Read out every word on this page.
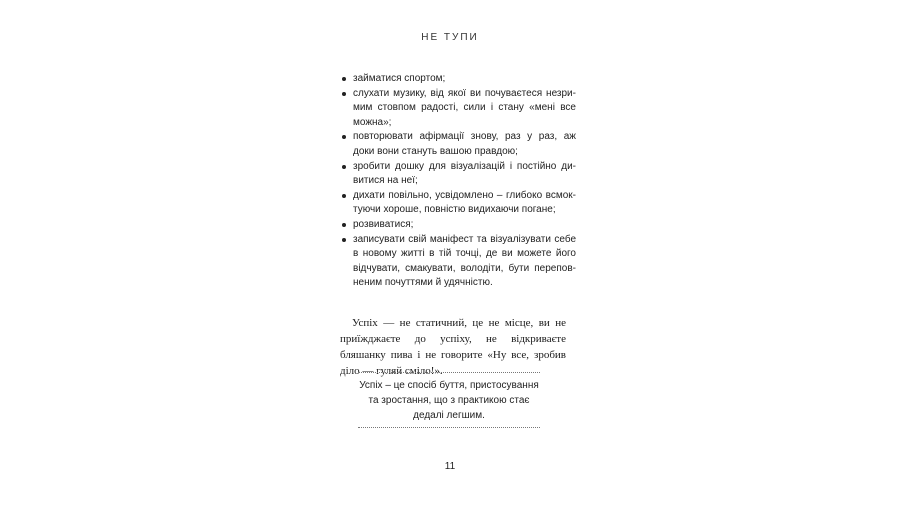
НЕ ТУПИ
займатися спортом;
слухати музику, від якої ви почуваєтеся незримим стовпом радості, сили і стану «мені все можна»;
повторювати афірмації знову, раз у раз, аж доки вони стануть вашою правдою;
зробити дошку для візуалізацій і постійно дивитися на неї;
дихати повільно, усвідомлено – глибоко всмоктуючи хороше, повністю видихаючи погане;
розвиватися;
записувати свій маніфест та візуалізувати себе в новому житті в тій точці, де ви можете його відчувати, смакувати, володіти, бути переповненим почуттями й удячністю.

Успіх — не статичний, це не місце, ви не приїжджаєте до успіху, не відкриваєте бляшанку пива і не говорите «Ну все, зробив діло — гуляй сміло!».

Успіх – це спосіб буття, пристосування та зростання, що з практикою стає дедалі легшим.
11
